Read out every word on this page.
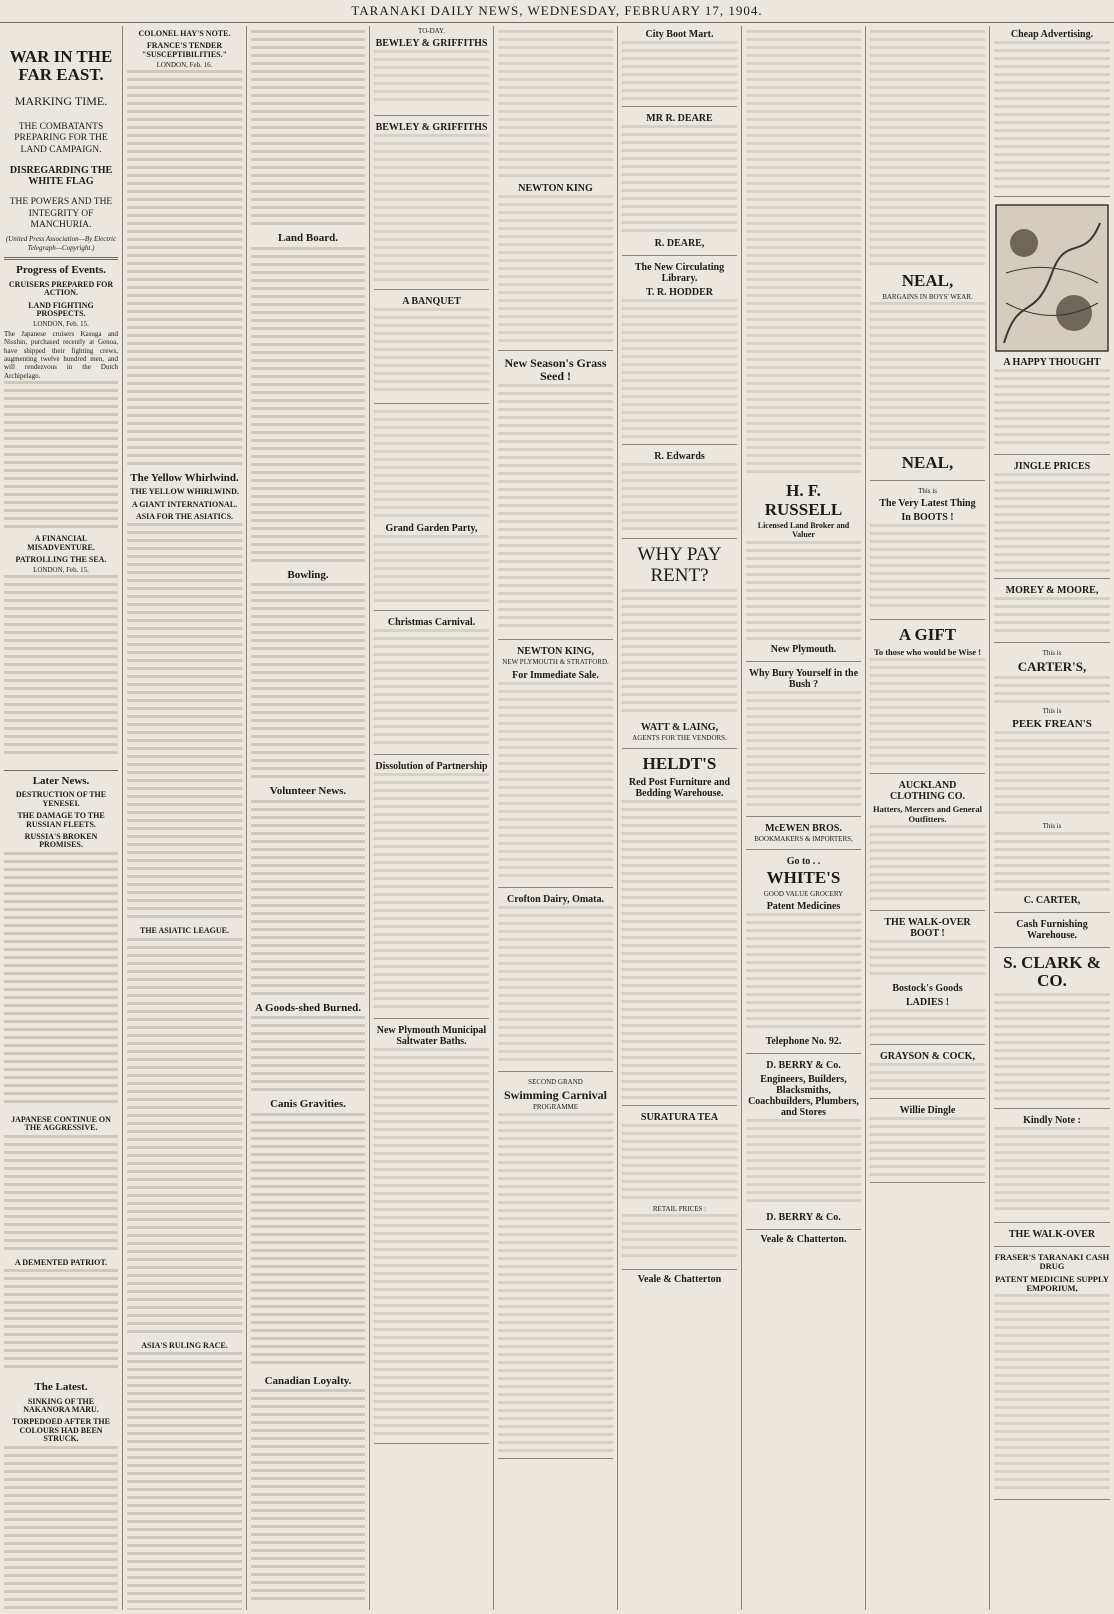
TARANAKI DAILY NEWS, WEDNESDAY, FEBRUARY 17, 1904.
WAR IN THE FAR EAST.
MARKING TIME.
THE COMBATANTS PREPARING FOR THE LAND CAMPAIGN.
DISREGARDING THE WHITE FLAG
THE POWERS AND THE INTEGRITY OF MANCHURIA.
(United Press Association—By Electric Telegraph—Copyright.)
Progress of Events.
CRUISERS PREPARED FOR ACTION.
LAND FIGHTING PROSPECTS.
LONDON, Feb. 15.
The Japanese cruisers Kasuga and Nisshin, purchased recently at Genoa, have shipped their fighting crews, augmenting twelve hundred men, and will rendezvous in the Dutch Archipelago.
A FINANCIAL MISADVENTURE.
PATROLLING THE SEA.
LONDON, Feb. 15.
Later News.
DESTRUCTION OF THE YENESEI.
THE DAMAGE TO THE RUSSIAN FLEETS.
RUSSIA'S BROKEN PROMISES.
JAPANESE CONTINUE ON THE AGGRESSIVE.
A DEMENTED PATRIOT.
The Latest.
SINKING OF THE NAKANORA MARU.
TORPEDOED AFTER THE COLOURS HAD BEEN STRUCK.
COLONEL HAY'S NOTE.
FRANCE'S TENDER "SUSCEPTIBILITIES."
LONDON, Feb. 16.
The Yellow Whirlwind.
THE YELLOW WHIRLWIND.
A GIANT INTERNATIONAL.
ASIA FOR THE ASIATICS.
THE ASIATIC LEAGUE.
ASIA'S RULING RACE.
Land Board.
Bowling.
Volunteer News.
A Goods-shed Burned.
Canis Gravities.
Canadian Loyalty.
TO-DAY.
BEWLEY & GRIFFITHS
BEWLEY & GRIFFITHS
A BANQUET
Grand Garden Party,
Christmas Carnival.
Dissolution of Partnership
New Plymouth Municipal Saltwater Baths.
NEWTON KING
New Season's Grass Seed !
NEWTON KING,
NEW PLYMOUTH & STRATFORD.
For Immediate Sale.
Crofton Dairy, Omata.
SECOND GRAND
Swimming Carnival
PROGRAMME
City Boot Mart.
MR R. DEARE
R. DEARE,
The New Circulating Library.
T. R. HODDER
R. Edwards
WHY PAY RENT?
WATT & LAING,
AGENTS FOR THE VENDORS.
HELDT'S
Red Post Furniture and Bedding Warehouse.
SURATURA TEA
RETAIL PRICES :
Veale & Chatterton
H. F. RUSSELL
Licensed Land Broker and Valuer
New Plymouth.
Why Bury Yourself in the Bush ?
McEWEN BROS.
BOOKMAKERS & IMPORTERS,
Go to . .
WHITE'S
GOOD VALUE GROCERY
Patent Medicines
Telephone No. 92.
D. BERRY & Co.
Engineers, Builders, Blacksmiths, Coachbuilders, Plumbers, and Stores
D. BERRY & Co.
Veale & Chatterton.
NEAL,
BARGAINS IN BOYS' WEAR.
NEAL,
This is
The Very Latest Thing
In BOOTS !
A GIFT
To those who would be Wise !
AUCKLAND CLOTHING CO.
Hatters, Mercers and General Outfitters.
THE WALK-OVER BOOT !
Bostock's Goods
LADIES !
GRAYSON & COCK,
Willie Dingle
Cheap Advertising.
A HAPPY THOUGHT
JINGLE PRICES
MOREY & MOORE,
This is
CARTER'S,
This is
PEEK FREAN'S
This is
C. CARTER,
Cash Furnishing Warehouse.
S. CLARK & CO.
Kindly Note :
THE WALK-OVER
FRASER'S TARANAKI CASH DRUG
PATENT MEDICINE SUPPLY EMPORIUM,
